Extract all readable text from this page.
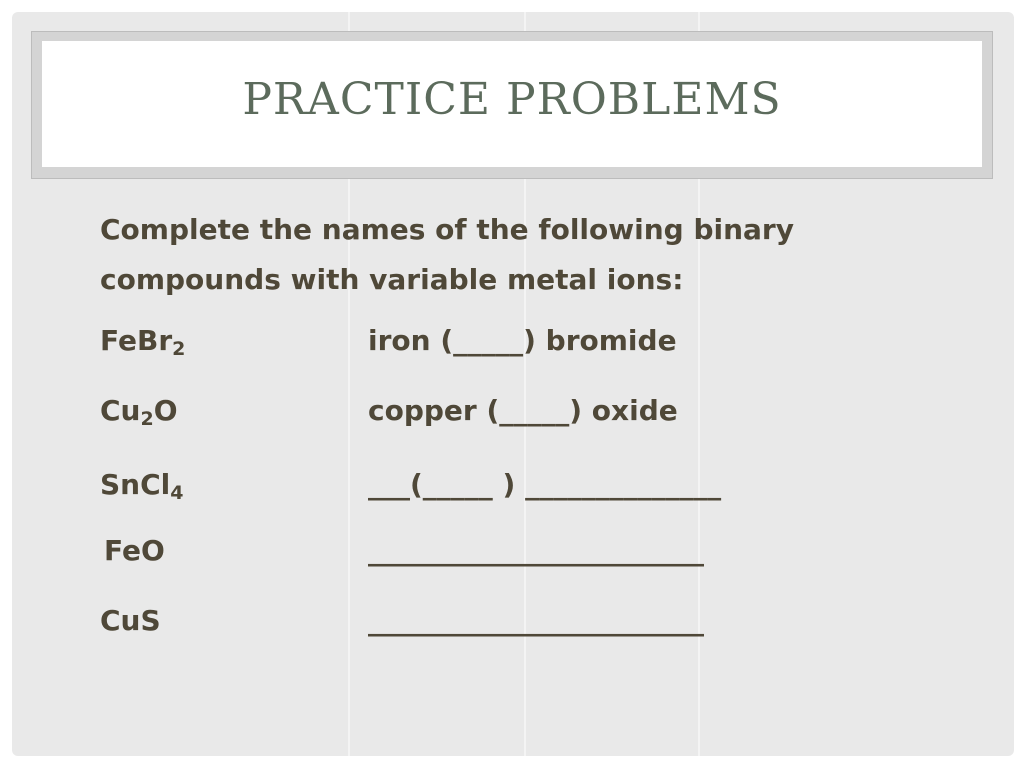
PRACTICE PROBLEMS
Complete the names of the following binary
compounds with variable metal ions:
FeBr$_2$	iron (_____) bromide
$Cu_2O$	copper (_____) oxide
SnCl$_4$	___(_____ ) ______________
FeO	________________________
CuS	________________________
